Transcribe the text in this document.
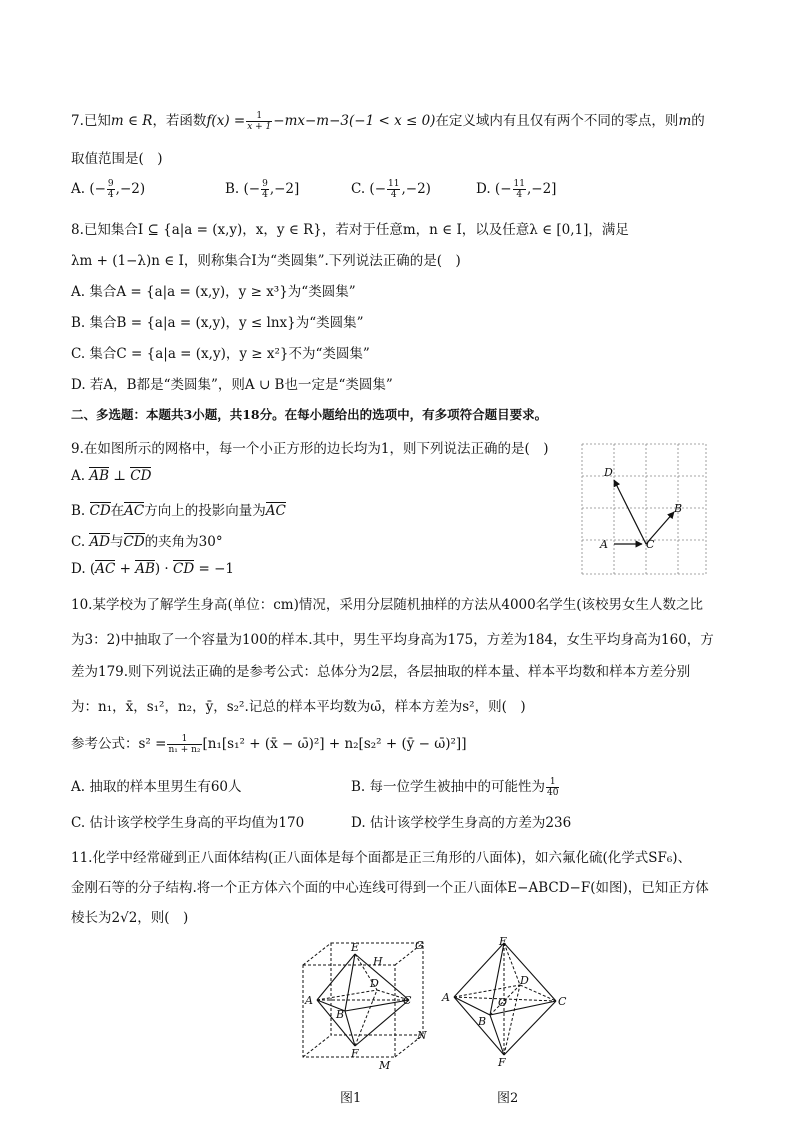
7.已知m ∈ R，若函数$f(x) = \frac{1}{x + 1} -mx-m-3(-1 < x \le 0)$在定义域内有且仅有两个不同的零点，则m的
取值范围是(　)
A. (− $\frac{9}{4} ,-2$)	B. (− $\frac{9}{4} ,-2$]	C. (− $\frac{11}{4} ,-2$)	D. (− $\frac{11}{4} ,-2$]
8.已知集合I ⊆ {a|a = (x,y)，x，y ∈ R}，若对于任意m，n ∈ I，以及任意λ ∈ [0,1]，满足
λm + (1−λ)n ∈ I，则称集合I为“类圆集”.下列说法正确的是(　)
A. 集合A = {a|a = (x,y)，y ≥ x³}为“类圆集”
B. 集合B = {a|a = (x,y)，y ≤ lnx}为“类圆集”
C. 集合C = {a|a = (x,y)，y ≥ x²}不为“类圆集”
D. 若A，B都是“类圆集”，则A ∪ B也一定是“类圆集”
二、多选题：本题共3小题，共18分。在每小题给出的选项中，有多项符合题目要求。
9.在如图所示的网格中，每一个小正方形的边长均为1，则下列说法正确的是(　)
A. AB ⊥ CD
B. CD在AC方向上的投影向量为AC
C. AD与CD的夹角为30°
D. (AC + AB) · CD = −1
A	C
D
B
10.某学校为了解学生身高(单位：cm)情况，采用分层随机抽样的方法从4000名学生(该校男女生人数之比
为3：2)中抽取了一个容量为100的样本.其中，男生平均身高为175，方差为184，女生平均身高为160，方
差为179.则下列说法正确的是参考公式：总体分为2层，各层抽取的样本量、样本平均数和样本方差分别
为：n₁，x̄，s₁²，n₂，ȳ，s₂².记总的样本平均数为ω̄，样本方差为s²，则(　)
参考公式：$s^2 = \frac{1}{\text{n₁ + n₂}} [n_1[s_1^2$ + (x̄ − ω̄)²] + n₂[s₂² + (ȳ − ω̄)²]]
A. 抽取的样本里男生有60人	B. 每一位学生被抽中的可能性为 $\frac{1}{40}$
C. 估计该学校学生身高的平均值为170	D. 估计该学校学生身高的方差为236
11.化学中经常碰到正八面体结构(正八面体是每个面都是正三角形的八面体)，如六氟化硫(化学式SF₆)、
金刚石等的分子结构.将一个正方体六个面的中心连线可得到一个正八面体E−ABCD−F(如图)，已知正方体
棱长为2√2，则(　)
E	G
H
A
D
C
B
F
N
M
图1
E
D
A	O	C
B
F
图2
